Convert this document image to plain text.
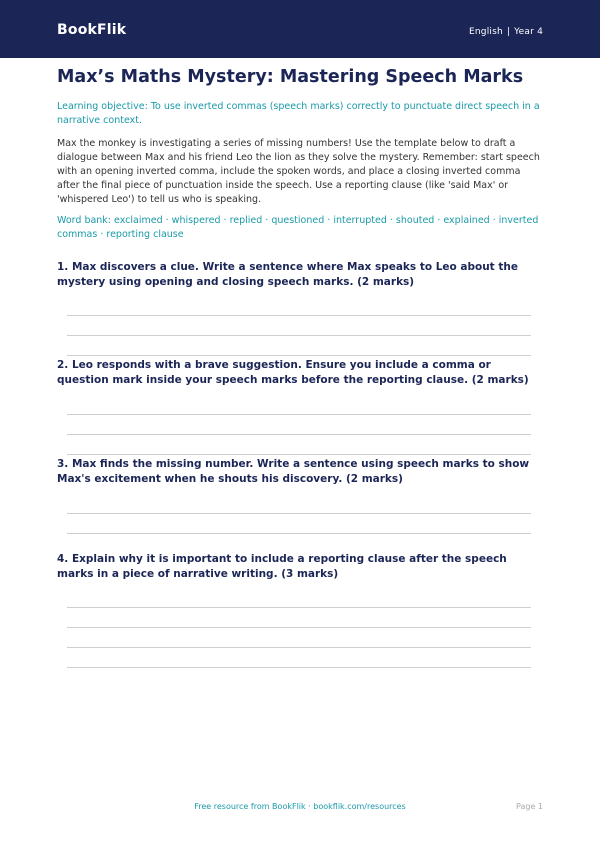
BookFlik	English | Year 4
Max’s Maths Mystery: Mastering Speech Marks
Learning objective: To use inverted commas (speech marks) correctly to punctuate direct speech in a narrative context.
Max the monkey is investigating a series of missing numbers! Use the template below to draft a dialogue between Max and his friend Leo the lion as they solve the mystery. Remember: start speech with an opening inverted comma, include the spoken words, and place a closing inverted comma after the final piece of punctuation inside the speech. Use a reporting clause (like 'said Max' or 'whispered Leo') to tell us who is speaking.
Word bank: exclaimed · whispered · replied · questioned · interrupted · shouted · explained · inverted commas · reporting clause
1. Max discovers a clue. Write a sentence where Max speaks to Leo about the mystery using opening and closing speech marks. (2 marks)
2. Leo responds with a brave suggestion. Ensure you include a comma or question mark inside your speech marks before the reporting clause. (2 marks)
3. Max finds the missing number. Write a sentence using speech marks to show Max's excitement when he shouts his discovery. (2 marks)
4. Explain why it is important to include a reporting clause after the speech marks in a piece of narrative writing. (3 marks)
Free resource from BookFlik · bookflik.com/resources	Page 1
